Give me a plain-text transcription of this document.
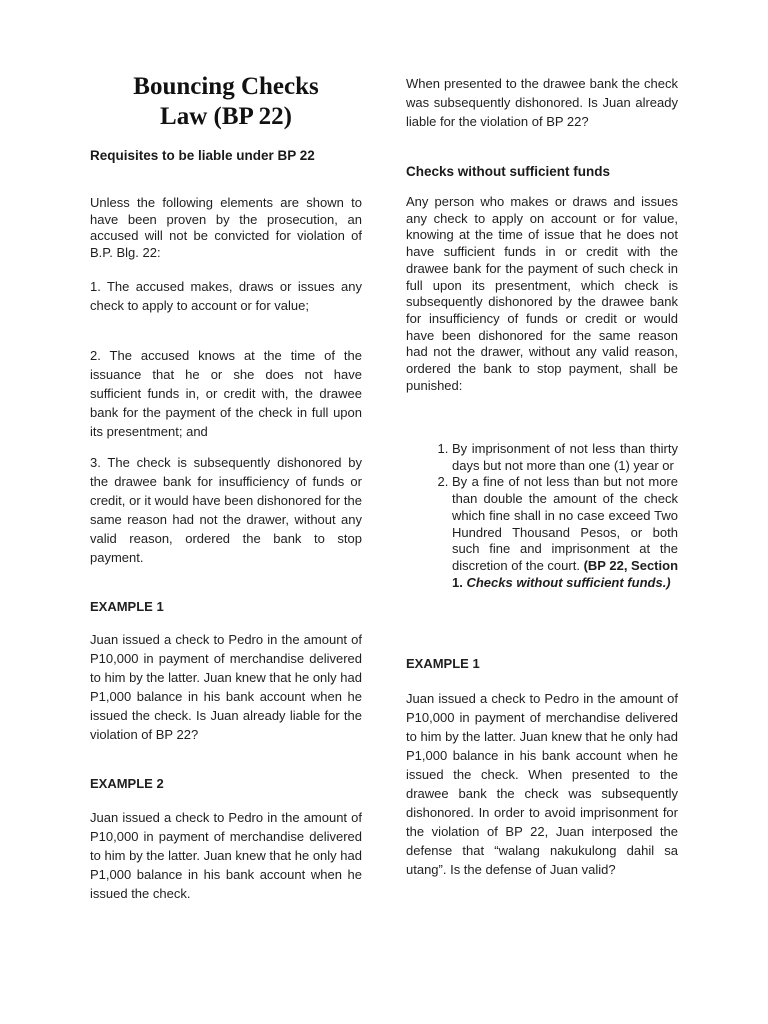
Bouncing Checks
Law (BP 22)

Requisites to be liable under BP 22

Unless the following elements are shown to have been proven by the prosecution, an accused will not be convicted for violation of B.P. Blg. 22:

1. The accused makes, draws or issues any check to apply to account or for value;

2. The accused knows at the time of the issuance that he or she does not have sufficient funds in, or credit with, the drawee bank for the payment of the check in full upon its presentment; and

3. The check is subsequently dishonored by the drawee bank for insufficiency of funds or credit, or it would have been dishonored for the same reason had not the drawer, without any valid reason, ordered the bank to stop payment.

EXAMPLE 1

Juan issued a check to Pedro in the amount of P10,000 in payment of merchandise delivered to him by the latter. Juan knew that he only had P1,000 balance in his bank account when he issued the check. Is Juan already liable for the violation of BP 22?

EXAMPLE 2

Juan issued a check to Pedro in the amount of P10,000 in payment of merchandise delivered to him by the latter. Juan knew that he only had P1,000 balance in his bank account when he issued the check.

When presented to the drawee bank the check was subsequently dishonored. Is Juan already liable for the violation of BP 22?

Checks without sufficient funds

Any person who makes or draws and issues any check to apply on account or for value, knowing at the time of issue that he does not have sufficient funds in or credit with the drawee bank for the payment of such check in full upon its presentment, which check is subsequently dishonored by the drawee bank for insufficiency of funds or credit or would have been dishonored for the same reason had not the drawer, without any valid reason, ordered the bank to stop payment, shall be punished:

1. By imprisonment of not less than thirty days but not more than one (1) year or
2. By a fine of not less than but not more than double the amount of the check which fine shall in no case exceed Two Hundred Thousand Pesos, or both such fine and imprisonment at the discretion of the court. (BP 22, Section 1. Checks without sufficient funds.)

EXAMPLE 1

Juan issued a check to Pedro in the amount of P10,000 in payment of merchandise delivered to him by the latter. Juan knew that he only had P1,000 balance in his bank account when he issued the check. When presented to the drawee bank the check was subsequently dishonored. In order to avoid imprisonment for the violation of BP 22, Juan interposed the defense that “walang nakukulong dahil sa utang”. Is the defense of Juan valid?
